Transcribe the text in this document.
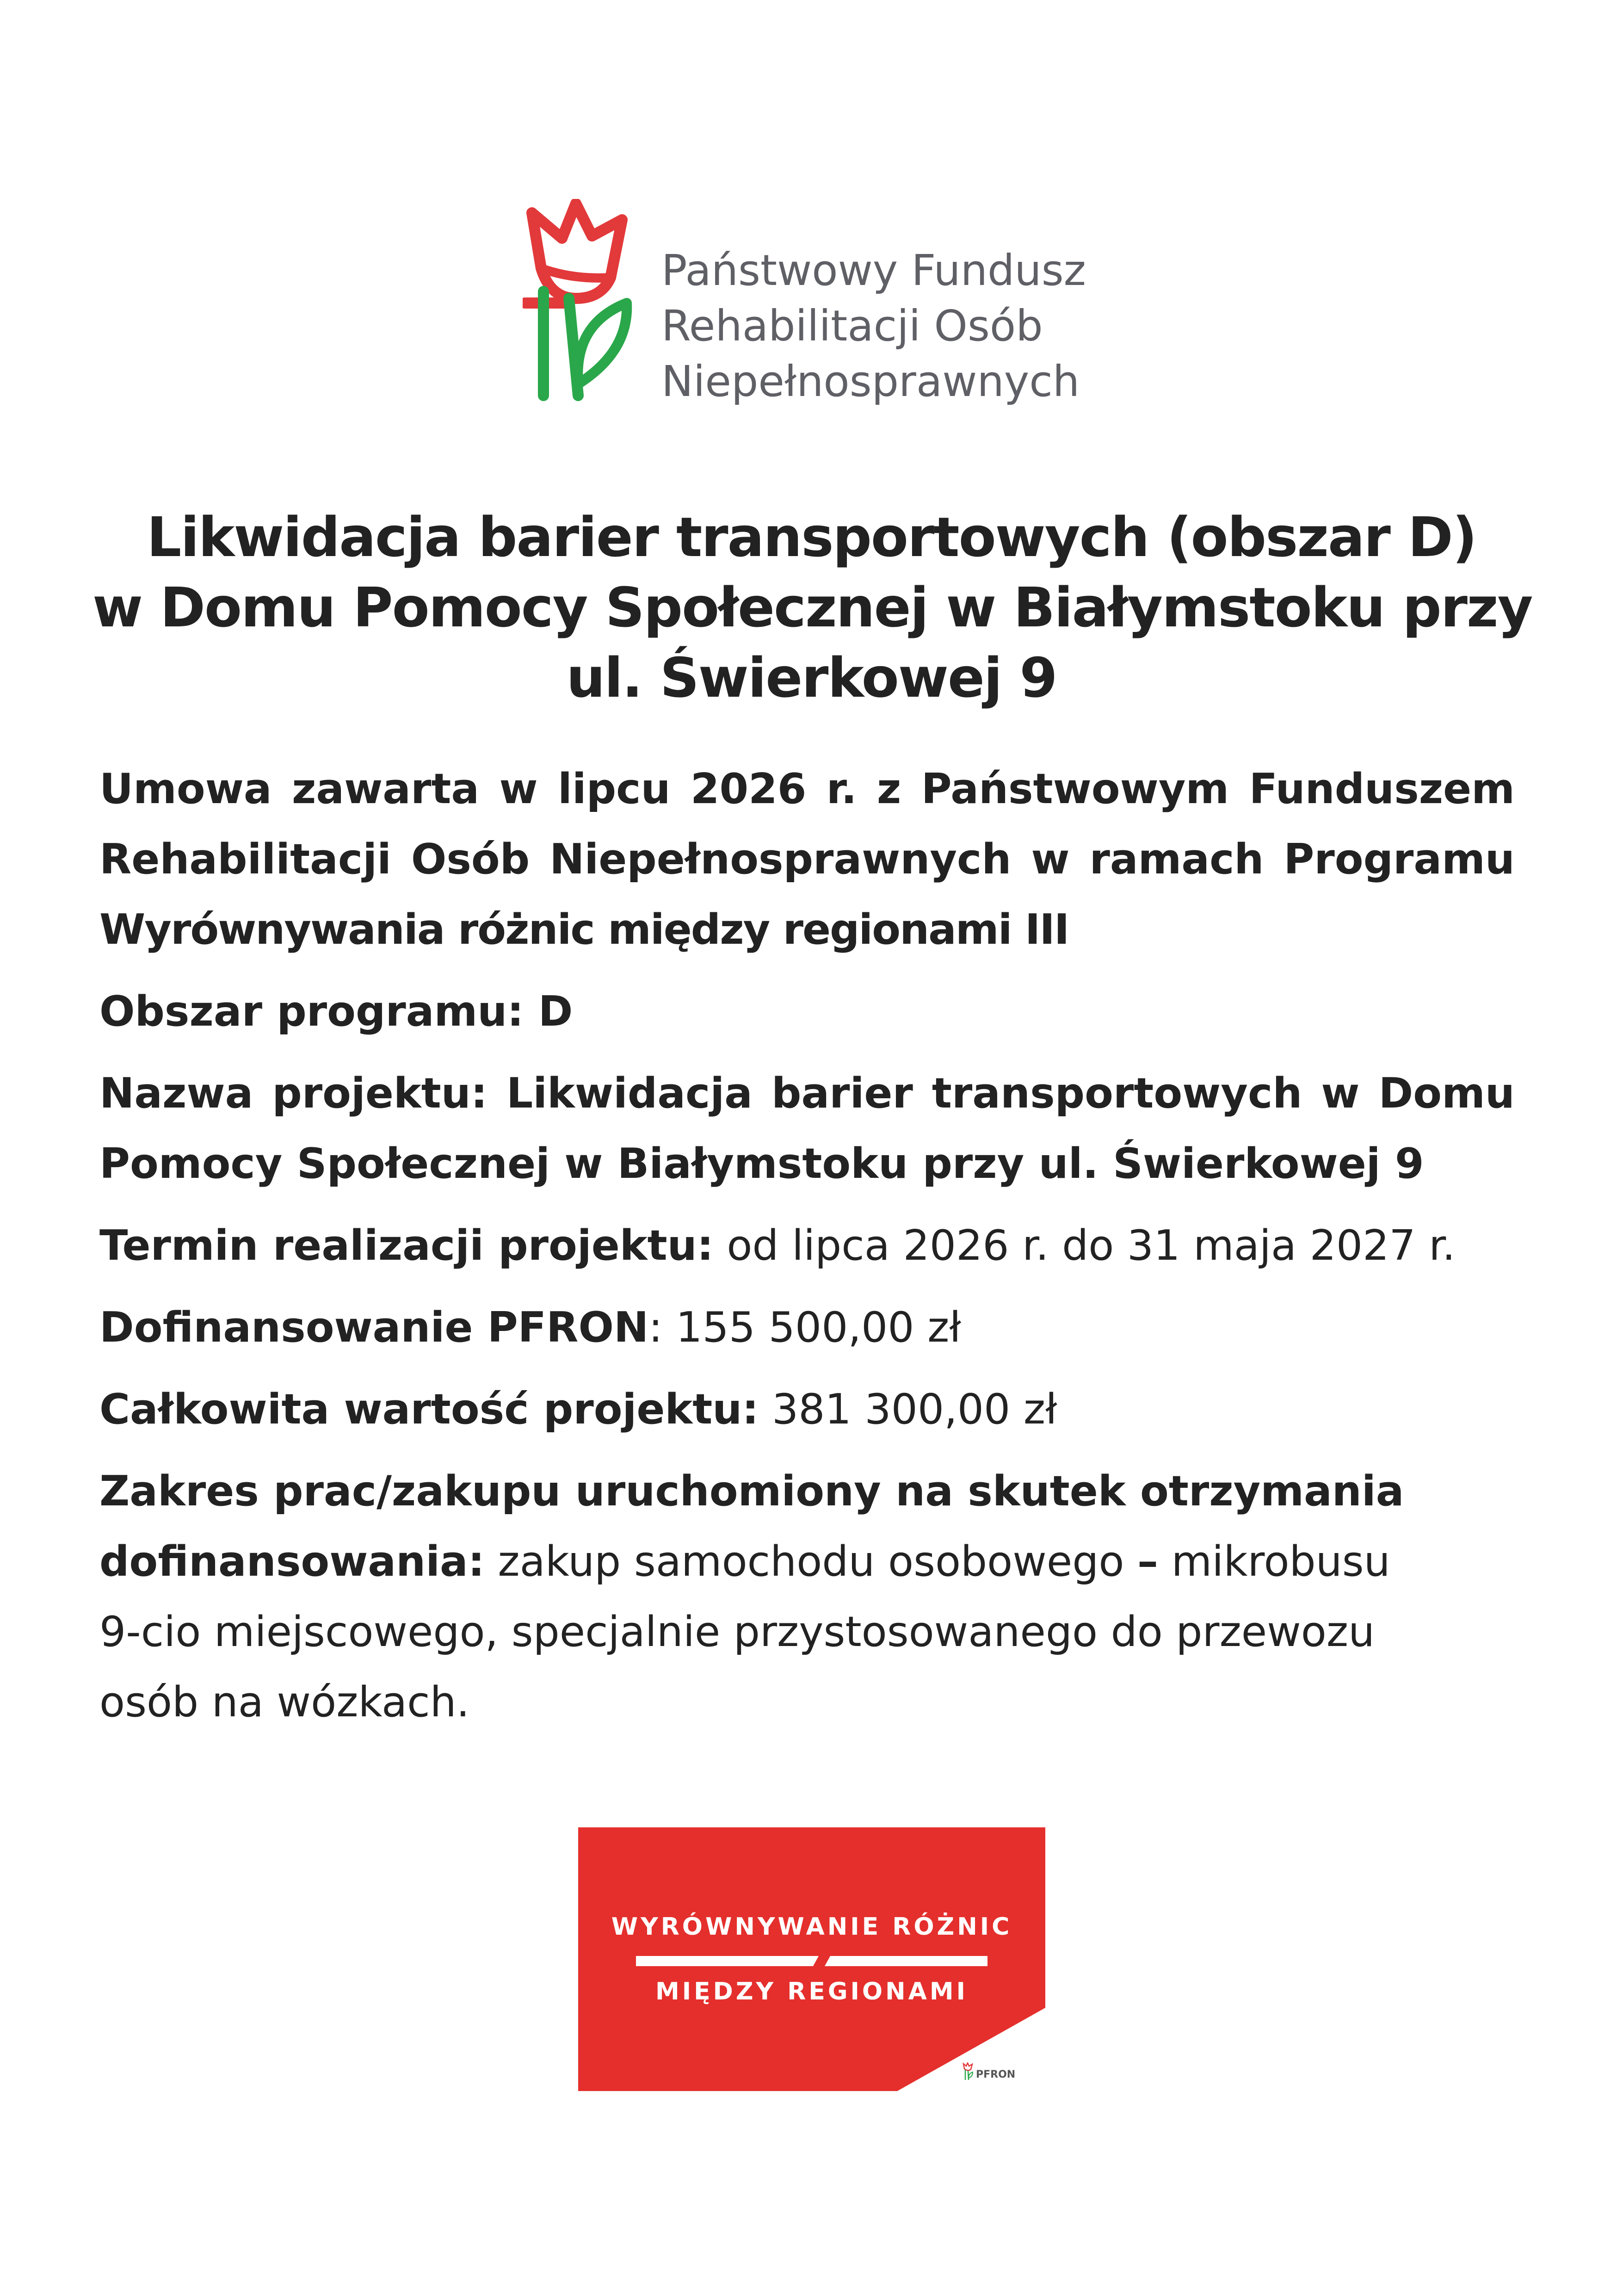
Państwowy Fundusz
Rehabilitacji Osób
Niepełnosprawnych
Likwidacja barier transportowych (obszar D)
w Domu Pomocy Społecznej w Białymstoku przy
ul. Świerkowej 9
Umowa zawarta w lipcu 2026 r. z Państwowym Funduszem
Rehabilitacji Osób Niepełnosprawnych w ramach Programu
Wyrównywania różnic między regionami III
Obszar programu: D
Nazwa projektu: Likwidacja barier transportowych w Domu
Pomocy Społecznej w Białymstoku przy ul. Świerkowej 9
Termin realizacji projektu: od lipca 2026 r. do 31 maja 2027 r.
Dofinansowanie PFRON: 155 500,00 zł
Całkowita wartość projektu: 381 300,00 zł
Zakres prac/zakupu uruchomiony na skutek otrzymania
dofinansowania: zakup samochodu osobowego – mikrobusu
9-cio miejscowego, specjalnie przystosowanego do przewozu
osób na wózkach.
WYRÓWNYWANIE RÓŻNIC
MIĘDZY REGIONAMI
PFRON
